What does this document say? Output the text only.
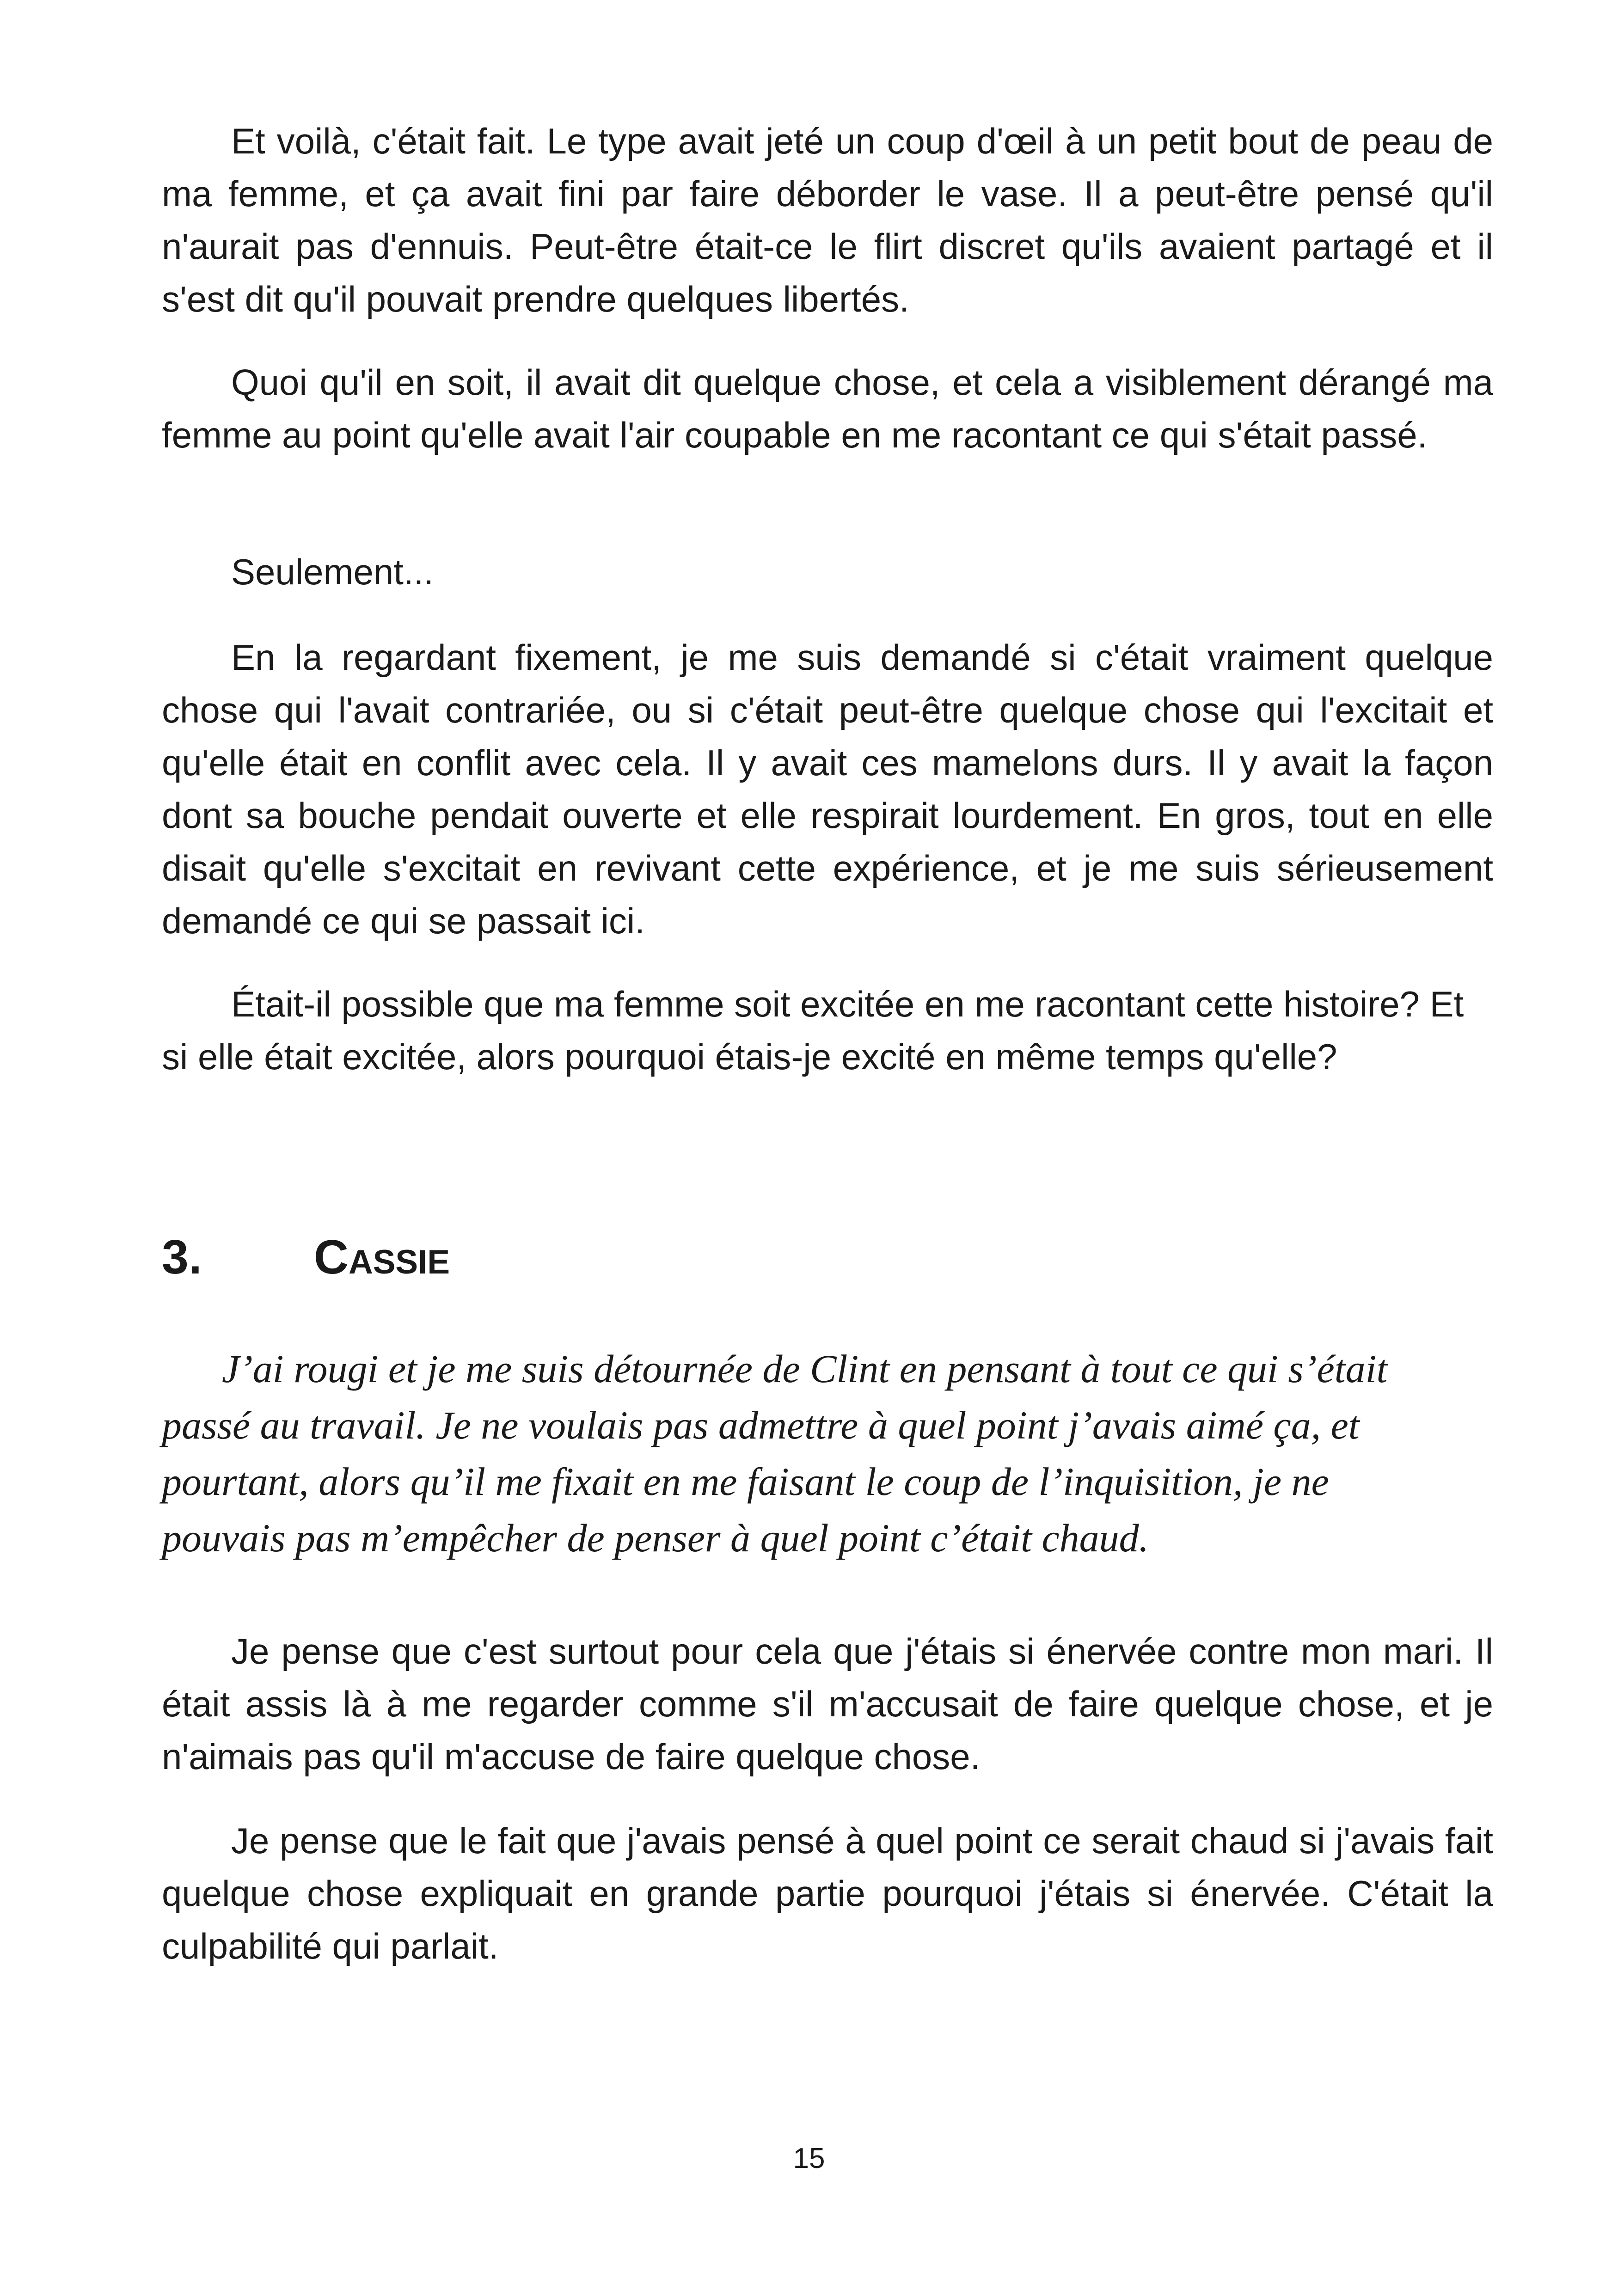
Et voilà, c'était fait. Le type avait jeté un coup d'œil à un petit bout de peau de ma femme, et ça avait fini par faire déborder le vase. Il a peut-être pensé qu'il n'aurait pas d'ennuis. Peut-être était-ce le flirt discret qu'ils avaient partagé et il s'est dit qu'il pouvait prendre quelques libertés.

Quoi qu'il en soit, il avait dit quelque chose, et cela a visiblement dérangé ma femme au point qu'elle avait l'air coupable en me racontant ce qui s'était passé.

Seulement...

En la regardant fixement, je me suis demandé si c'était vraiment quelque chose qui l'avait contrariée, ou si c'était peut-être quelque chose qui l'excitait et qu'elle était en conflit avec cela. Il y avait ces mamelons durs. Il y avait la façon dont sa bouche pendait ouverte et elle respirait lourdement. En gros, tout en elle disait qu'elle s'excitait en revivant cette expérience, et je me suis sérieusement demandé ce qui se passait ici.

Était-il possible que ma femme soit excitée en me racontant cette histoire? Et si elle était excitée, alors pourquoi étais-je excité en même temps qu'elle?

3. Cassie

J’ai rougi et je me suis détournée de Clint en pensant à tout ce qui s’était passé au travail. Je ne voulais pas admettre à quel point j’avais aimé ça, et pourtant, alors qu’il me fixait en me faisant le coup de l’inquisition, je ne pouvais pas m’empêcher de penser à quel point c’était chaud.

Je pense que c'est surtout pour cela que j'étais si énervée contre mon mari. Il était assis là à me regarder comme s'il m'accusait de faire quelque chose, et je n'aimais pas qu'il m'accuse de faire quelque chose.

Je pense que le fait que j'avais pensé à quel point ce serait chaud si j'avais fait quelque chose expliquait en grande partie pourquoi j'étais si énervée. C'était la culpabilité qui parlait.

15
